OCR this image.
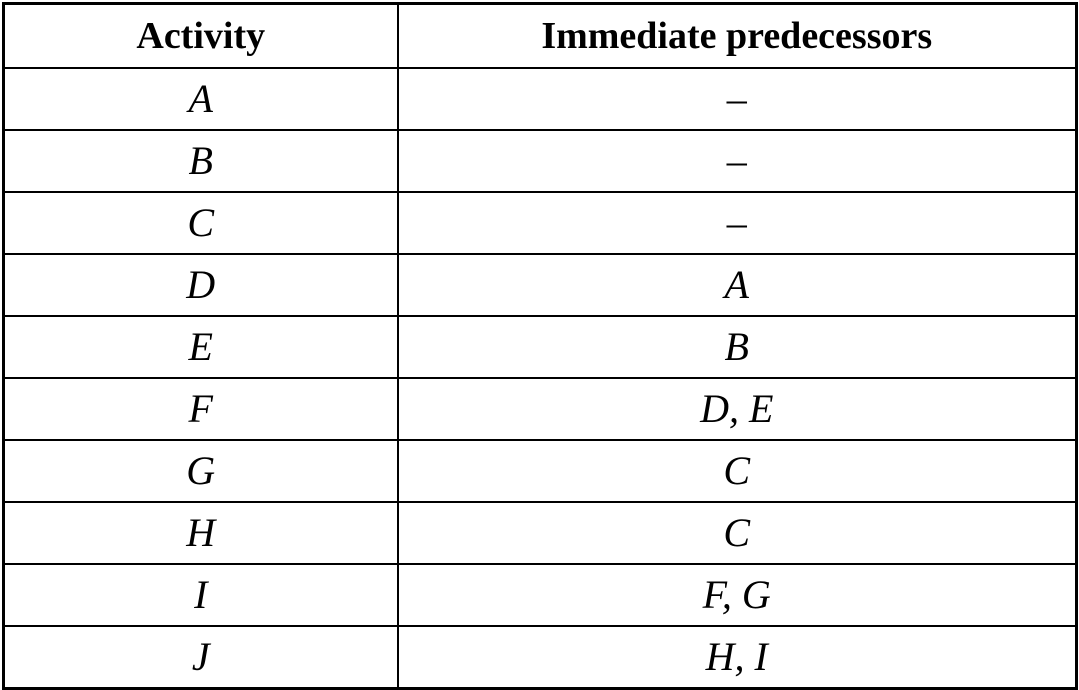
Activity	Immediate predecessors
A	–
B	–
C	–
D	A
E	B
F	D, E
G	C
H	C
I	F, G
J	H, I
